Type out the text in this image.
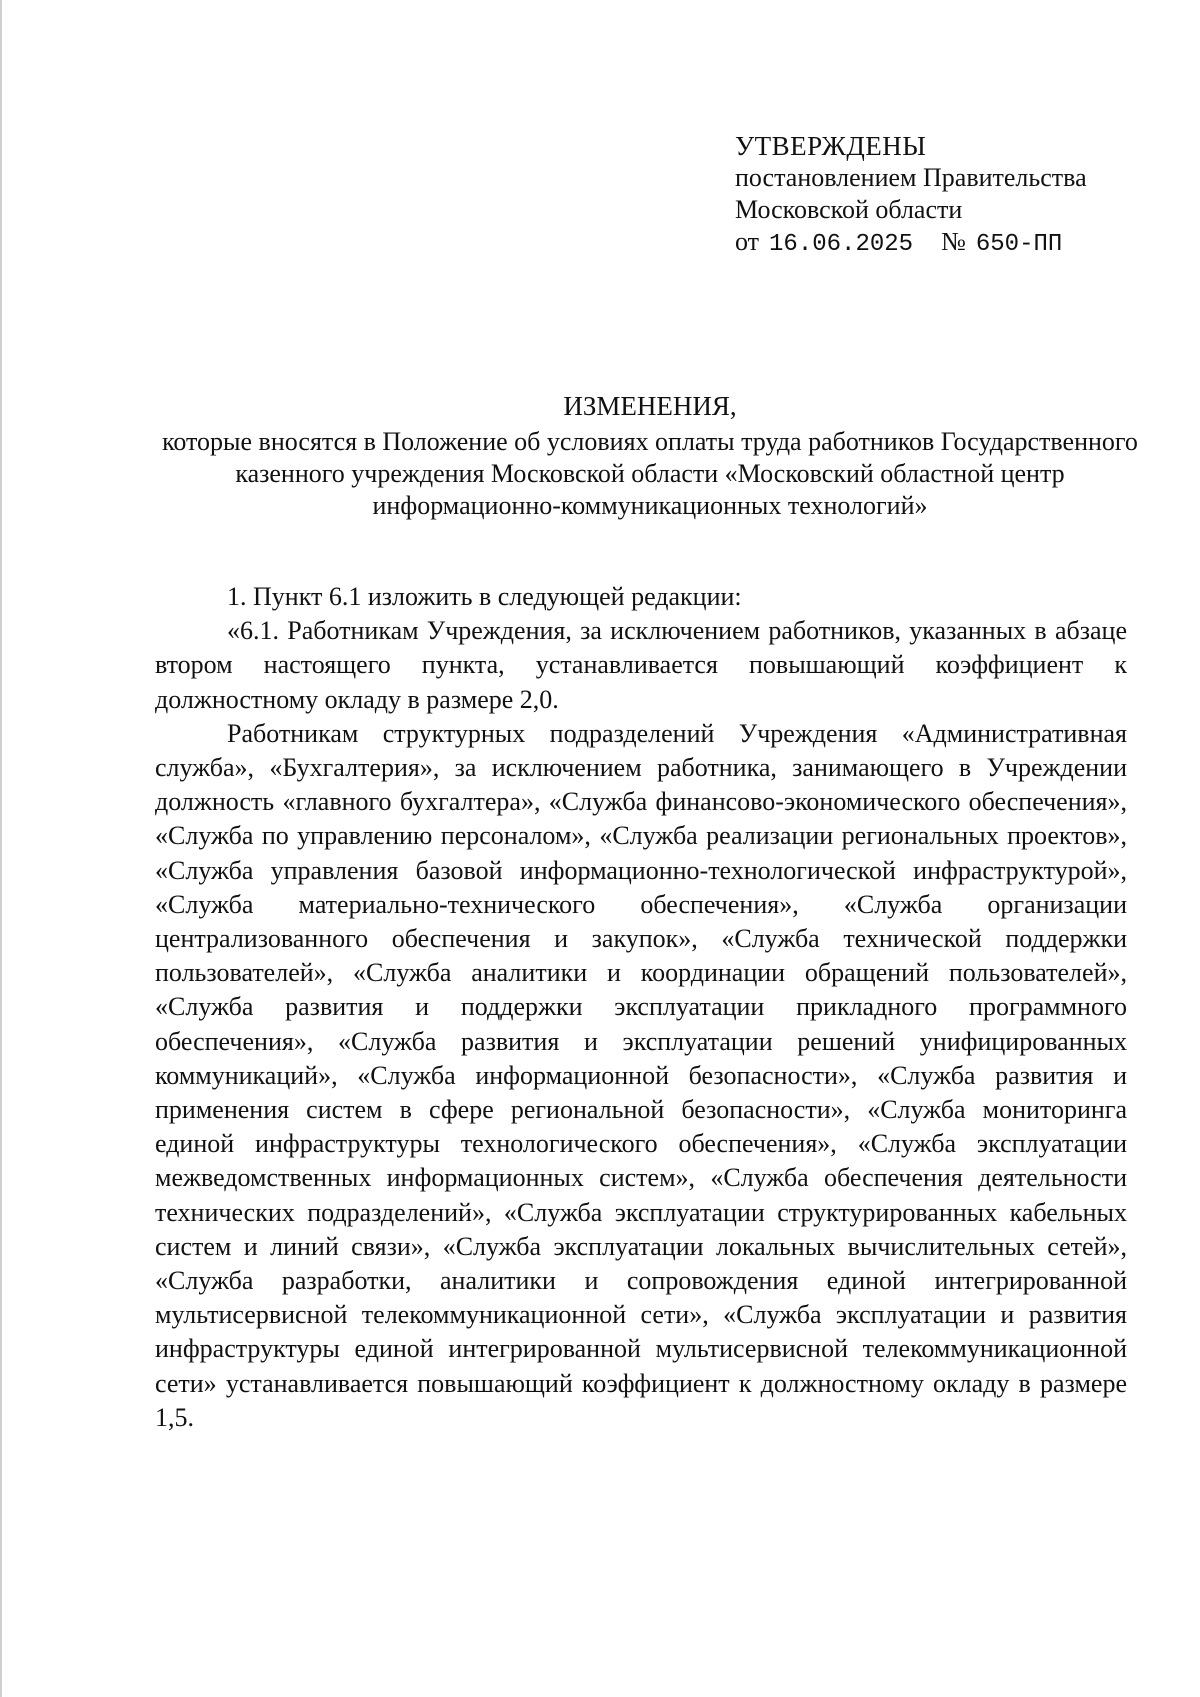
УТВЕРЖДЕНЫ
постановлением Правительства
Московской области
от 16.06.2025 № 650-ПП
ИЗМЕНЕНИЯ,
которые вносятся в Положение об условиях оплаты труда работников Государственного казенного учреждения Московской области «Московский областной центр информационно-коммуникационных технологий»
1. Пункт 6.1 изложить в следующей редакции:

«6.1. Работникам Учреждения, за исключением работников, указанных в абзаце втором настоящего пункта, устанавливается повышающий коэффициент к должностному окладу в размере 2,0.

Работникам структурных подразделений Учреждения «Административная служба», «Бухгалтерия», за исключением работника, занимающего в Учреждении должность «главного бухгалтера», «Служба финансово-экономического обеспечения», «Служба по управлению персоналом», «Служба реализации региональных проектов», «Служба управления базовой информационно-технологической инфраструктурой», «Служба материально-технического обеспечения», «Служба организации централизованного обеспечения и закупок», «Служба технической поддержки пользователей», «Служба аналитики и координации обращений пользователей», «Служба развития и поддержки эксплуатации прикладного программного обеспечения», «Служба развития и эксплуатации решений унифицированных коммуникаций», «Служба информационной безопасности», «Служба развития и применения систем в сфере региональной безопасности», «Служба мониторинга единой инфраструктуры технологического обеспечения», «Служба эксплуатации межведомственных информационных систем», «Служба обеспечения деятельности технических подразделений», «Служба эксплуатации структурированных кабельных систем и линий связи», «Служба эксплуатации локальных вычислительных сетей», «Служба разработки, аналитики и сопровождения единой интегрированной мультисервисной телекоммуникационной сети», «Служба эксплуатации и развития инфраструктуры единой интегрированной мультисервисной телекоммуникационной сети» устанавливается повышающий коэффициент к должностному окладу в размере 1,5.
